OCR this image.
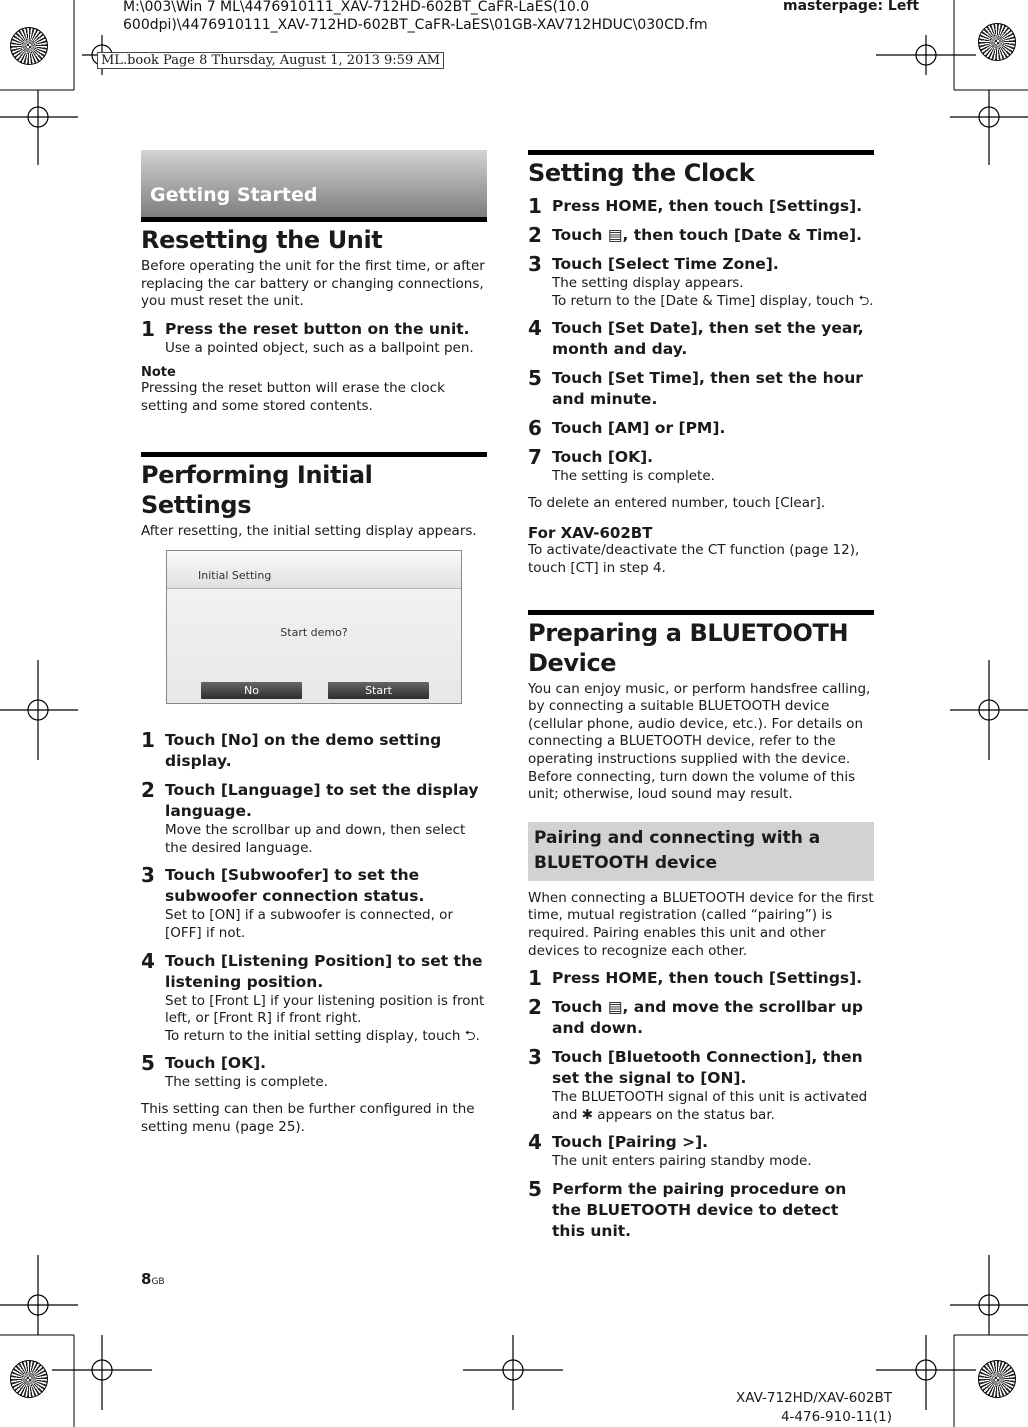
M:\003\Win 7 ML\4476910111_XAV-712HD-602BT_CaFR-LaES(10.0 600dpi)\4476910111_XAV-712HD-602BT_CaFR-LaES\01GB-XAV712HDUC\030CD.fm
masterpage: Left
ML.book Page 8 Thursday, August 1, 2013 9:59 AM
Getting Started
Resetting the Unit

Before operating the unit for the first time, or after replacing the car battery or changing connections, you must reset the unit.

1 Press the reset button on the unit.
Use a pointed object, such as a ballpoint pen.
Note

Pressing the reset button will erase the clock setting and some stored contents.

Performing Initial Settings

After resetting, the initial setting display appears.

Initial Setting
Start demo?
No	Start
1 Touch [No] on the demo setting display.
2 Touch [Language] to set the display language.
Move the scrollbar up and down, then select the desired language.
3 Touch [Subwoofer] to set the subwoofer connection status.
Set to [ON] if a subwoofer is connected, or [OFF] if not.
4 Touch [Listening Position] to set the listening position.
Set to [Front L] if your listening position is front left, or [Front R] if front right.
To return to the initial setting display, touch ⮌.
5 Touch [OK].
The setting is complete.

This setting can then be further configured in the setting menu (page 25).

Setting the Clock
1 Press HOME, then touch [Settings].
2 Touch ▤, then touch [Date & Time].
3 Touch [Select Time Zone].
The setting display appears.
To return to the [Date & Time] display, touch ⮌.
4 Touch [Set Date], then set the year, month and day.
5 Touch [Set Time], then set the hour and minute.
6 Touch [AM] or [PM].
7 Touch [OK].
The setting is complete.

To delete an entered number, touch [Clear].

For XAV-602BT

To activate/deactivate the CT function (page 12), touch [CT] in step 4.

Preparing a BLUETOOTH Device

You can enjoy music, or perform handsfree calling, by connecting a suitable BLUETOOTH device (cellular phone, audio device, etc.). For details on connecting a BLUETOOTH device, refer to the operating instructions supplied with the device. Before connecting, turn down the volume of this unit; otherwise, loud sound may result.

Pairing and connecting with a BLUETOOTH device

When connecting a BLUETOOTH device for the first time, mutual registration (called “pairing”) is required. Pairing enables this unit and other devices to recognize each other.

1 Press HOME, then touch [Settings].
2 Touch ▤, and move the scrollbar up and down.
3 Touch [Bluetooth Connection], then set the signal to [ON].
The BLUETOOTH signal of this unit is activated and ✱ appears on the status bar.
4 Touch [Pairing >].
The unit enters pairing standby mode.
5 Perform the pairing procedure on the BLUETOOTH device to detect this unit.
8GB
XAV-712HD/XAV-602BT
4-476-910-11(1)
